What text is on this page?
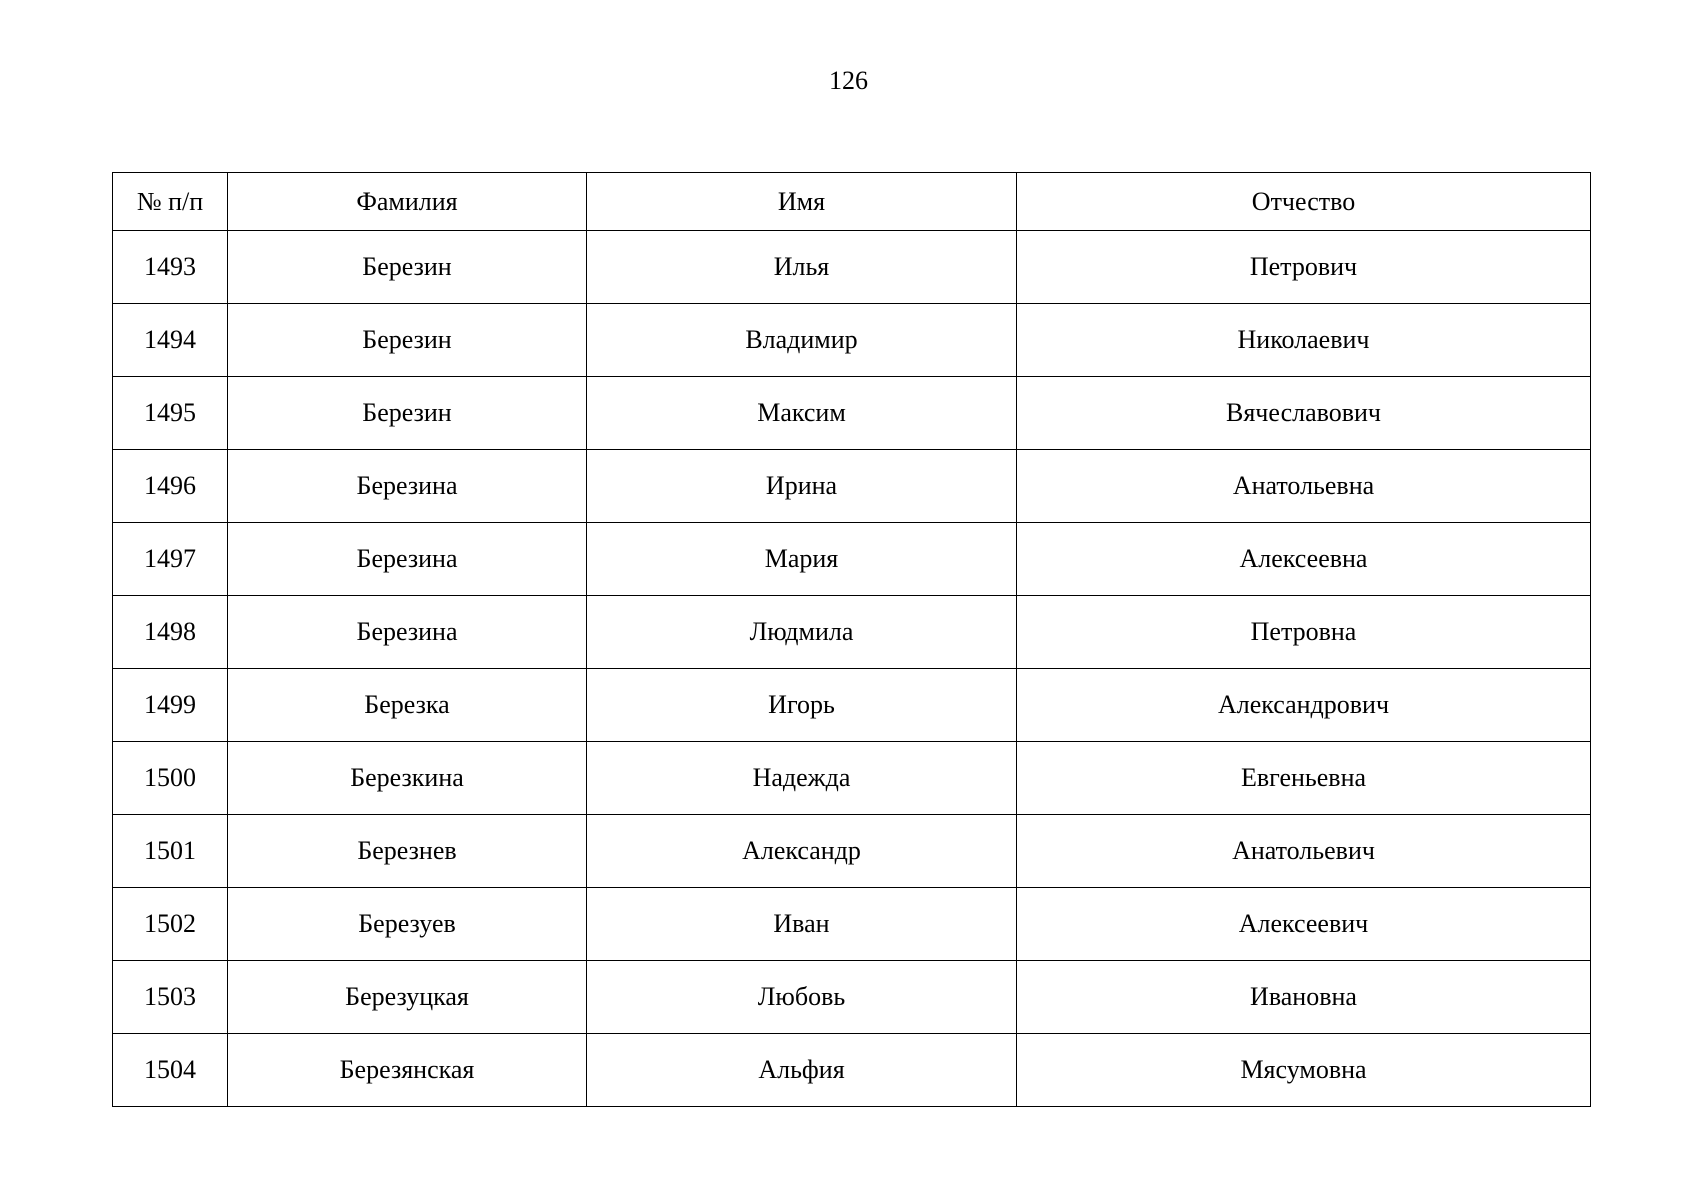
126
№ п/п	Фамилия	Имя	Отчество
1493	Березин	Илья	Петрович
1494	Березин	Владимир	Николаевич
1495	Березин	Максим	Вячеславович
1496	Березина	Ирина	Анатольевна
1497	Березина	Мария	Алексеевна
1498	Березина	Людмила	Петровна
1499	Березка	Игорь	Александрович
1500	Березкина	Надежда	Евгеньевна
1501	Березнев	Александр	Анатольевич
1502	Березуев	Иван	Алексеевич
1503	Березуцкая	Любовь	Ивановна
1504	Березянская	Альфия	Мясумовна
